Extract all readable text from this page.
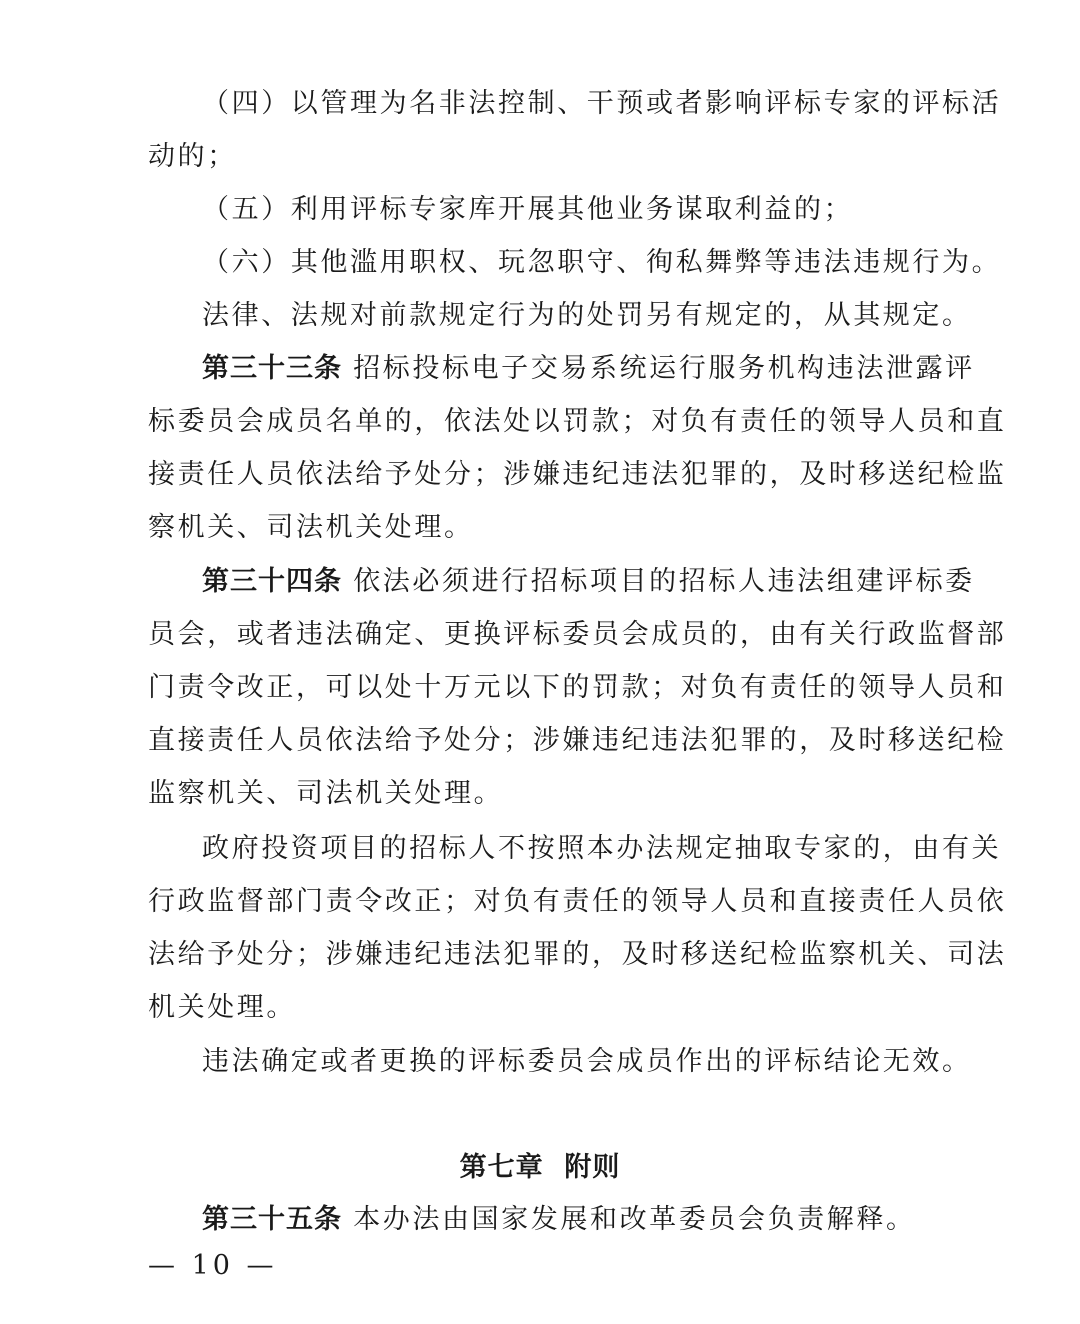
（四）以管理为名非法控制、干预或者影响评标专家的评标活
动的；
（五）利用评标专家库开展其他业务谋取利益的；
（六）其他滥用职权、玩忽职守、徇私舞弊等违法违规行为。
法律、法规对前款规定行为的处罚另有规定的，从其规定。
第三十三条 招标投标电子交易系统运行服务机构违法泄露评
标委员会成员名单的，依法处以罚款；对负有责任的领导人员和直
接责任人员依法给予处分；涉嫌违纪违法犯罪的，及时移送纪检监
察机关、司法机关处理。
第三十四条 依法必须进行招标项目的招标人违法组建评标委
员会，或者违法确定、更换评标委员会成员的，由有关行政监督部
门责令改正，可以处十万元以下的罚款；对负有责任的领导人员和
直接责任人员依法给予处分；涉嫌违纪违法犯罪的，及时移送纪检
监察机关、司法机关处理。
政府投资项目的招标人不按照本办法规定抽取专家的，由有关
行政监督部门责令改正；对负有责任的领导人员和直接责任人员依
法给予处分；涉嫌违纪违法犯罪的，及时移送纪检监察机关、司法
机关处理。
违法确定或者更换的评标委员会成员作出的评标结论无效。
第七章  附则
第三十五条 本办法由国家发展和改革委员会负责解释。
— 10 —
